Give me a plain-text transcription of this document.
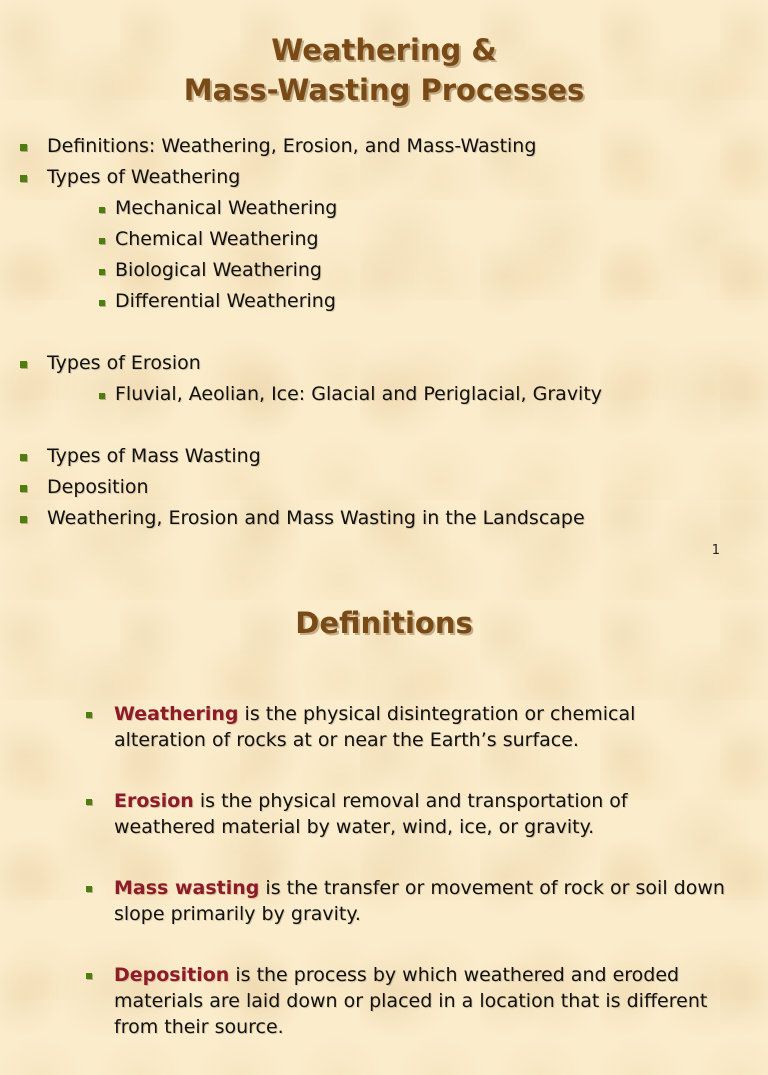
Weathering &
Mass-Wasting Processes
Definitions: Weathering, Erosion, and Mass-Wasting
Types of Weathering
Mechanical Weathering
Chemical Weathering
Biological Weathering
Differential Weathering
Types of Erosion
Fluvial, Aeolian, Ice: Glacial and Periglacial, Gravity
Types of Mass Wasting
Deposition
Weathering, Erosion and Mass Wasting in the Landscape
1
Definitions
Weathering is the physical disintegration or chemical alteration of rocks at or near the Earth’s surface.
Erosion is the physical removal and transportation of weathered material by water, wind, ice, or gravity.
Mass wasting is the transfer or movement of rock or soil down slope primarily by gravity.
Deposition is the process by which weathered and eroded materials are laid down or placed in a location that is different from their source.
